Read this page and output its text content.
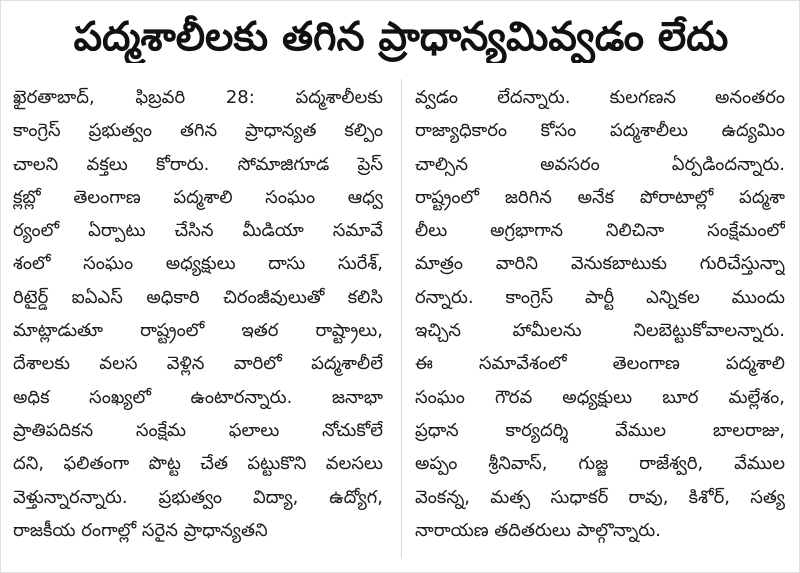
పద్మశాలీలకు తగిన ప్రాధాన్యమివ్వడం లేదు
ఖైరతాబాద్, ఫిబ్రవరి 28: పద్మశాలీలకు
కాంగ్రెస్ ప్రభుత్వం తగిన ప్రాధాన్యత కల్పిం
చాలని వక్తలు కోరారు. సోమాజిగూడ ప్రెస్
క్లబ్లో తెలంగాణ పద్మశాలి సంఘం ఆధ్వ
ర్యంలో ఏర్పాటు చేసిన మీడియా సమావే
శంలో సంఘం అధ్యక్షులు దాసు సురేశ్,
రిటైర్డ్ ఐఏఎస్ అధికారి చిరంజీవులుతో కలిసి
మాట్లాడుతూ రాష్ట్రంలో ఇతర రాష్ట్రాలు,
దేశాలకు వలస వెళ్లిన వారిలో పద్మశాలీలే
అధిక సంఖ్యలో ఉంటారన్నారు. జనాభా
ప్రాతిపదికన సంక్షేమ ఫలాలు నోచుకోలే
దని, ఫలితంగా పొట్ట చేత పట్టుకొని వలసలు
వెళ్తున్నారన్నారు. ప్రభుత్వం విద్యా, ఉద్యోగ,
రాజకీయ రంగాల్లో సరైన ప్రాధాన్యతని
వ్వడం లేదన్నారు. కులగణన అనంతరం
రాజ్యాధికారం కోసం పద్మశాలీలు ఉద్యమిం
చాల్సిన అవసరం ఏర్పడిందన్నారు.
రాష్ట్రంలో జరిగిన అనేక పోరాటాల్లో పద్మశా
లీలు అగ్రభాగాన నిలిచినా సంక్షేమంలో
మాత్రం వారిని వెనుకబాటుకు గురిచేస్తున్నా
రన్నారు. కాంగ్రెస్ పార్టీ ఎన్నికల ముందు
ఇచ్చిన హామీలను నిలబెట్టుకోవాలన్నారు.
ఈ సమావేశంలో తెలంగాణ పద్మశాలి
సంఘం గౌరవ అధ్యక్షులు బూర మల్లేశం,
ప్రధాన కార్యదర్శి వేముల బాలరాజు,
అప్పం శ్రీనివాస్, గుజ్జ రాజేశ్వరి, వేముల
వెంకన్న, మత్స సుధాకర్ రావు, కిశోర్, సత్య
నారాయణ తదితరులు పాల్గొన్నారు.
